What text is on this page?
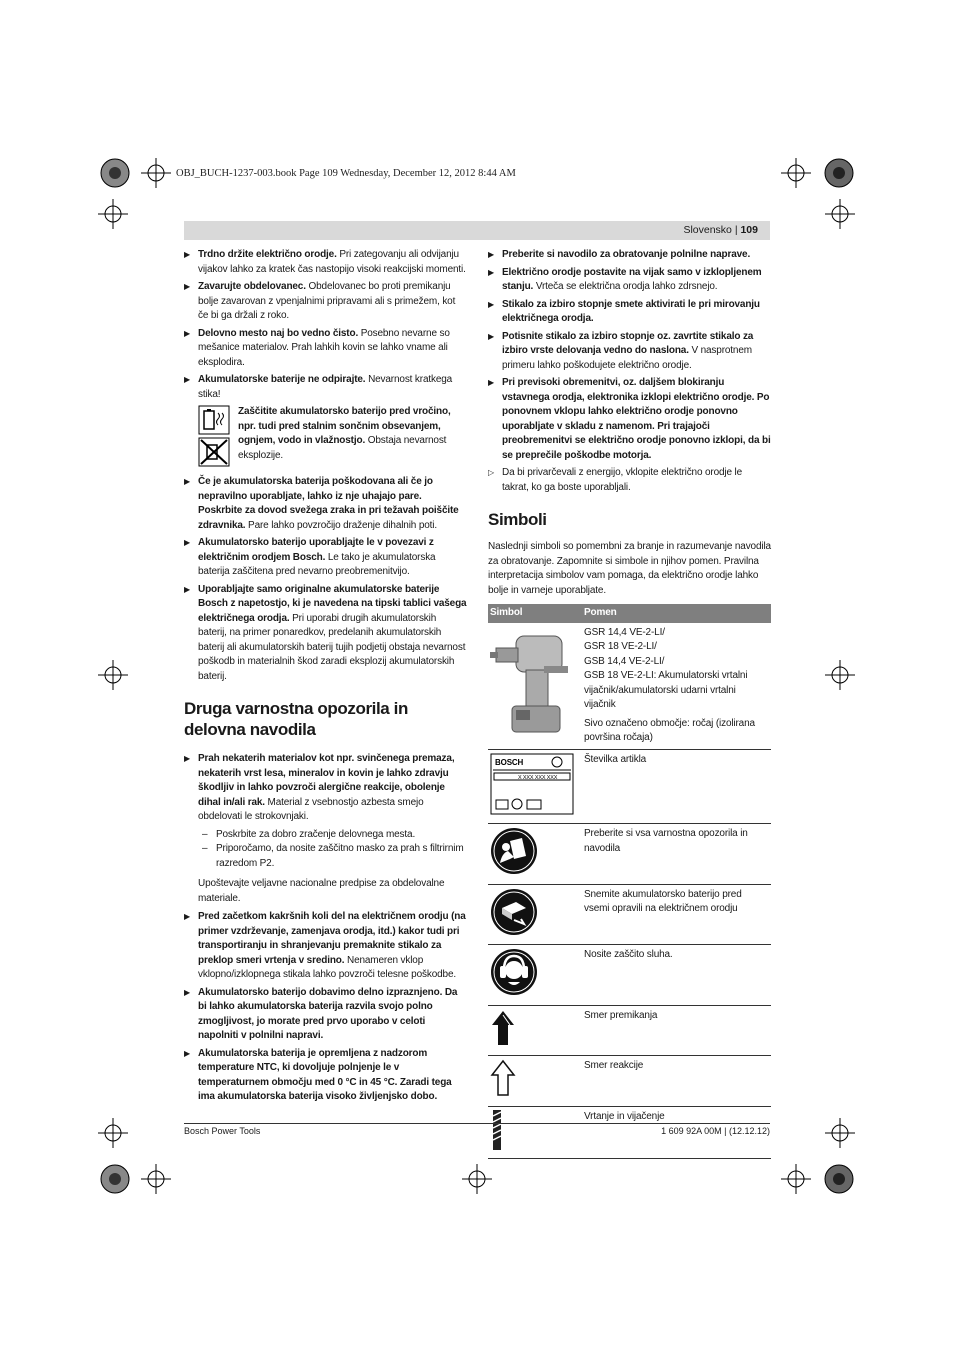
OBJ_BUCH-1237-003.book Page 109 Wednesday, December 12, 2012 8:44 AM
Slovensko | 109
▶ Trdno držite električno orodje. Pri zategovanju ali odvijanju vijakov lahko za kratek čas nastopijo visoki reakcijski momenti.
▶ Zavarujte obdelovanec. Obdelovanec bo proti premikanju bolje zavarovan z vpenjalnimi pripravami ali s primežem, kot če bi ga držali z roko.
▶ Delovno mesto naj bo vedno čisto. Posebno nevarne so mešanice materialov. Prah lahkih kovin se lahko vname ali eksplodira.
▶ Akumulatorske baterije ne odpirajte. Nevarnost kratkega stika!
Zaščitite akumulatorsko baterijo pred vročino, npr. tudi pred stalnim sončnim obsevanjem, ognjem, vodo in vlažnostjo. Obstaja nevarnost eksplozije.
▶ Če je akumulatorska baterija poškodovana ali če jo nepravilno uporabljate, lahko iz nje uhajajo pare. Poskrbite za dovod svežega zraka in pri težavah poiščite zdravnika. Pare lahko povzročijo draženje dihalnih poti.
▶ Akumulatorsko baterijo uporabljajte le v povezavi z električnim orodjem Bosch. Le tako je akumulatorska baterija zaščitena pred nevarno preobremenitvijo.
▶ Uporabljajte samo originalne akumulatorske baterije Bosch z napetostjo, ki je navedena na tipski tablici vašega električnega orodja. Pri uporabi drugih akumulatorskih baterij, na primer ponaredkov, predelanih akumulatorskih baterij ali akumulatorskih baterij tujih podjetij obstaja nevarnost poškodb in materialnih škod zaradi eksplozij akumulatorskih baterij.
Druga varnostna opozorila in delovna navodila
▶ Prah nekaterih materialov kot npr. svinčenega premaza, nekaterih vrst lesa, mineralov in kovin je lahko zdravju škodljiv in lahko povzroči alergične reakcije, obolenje dihal in/ali rak. Material z vsebnostjo azbesta smejo obdelovati le strokovnjaki.
– Poskrbite za dobro zračenje delovnega mesta.
– Priporočamo, da nosite zaščitno masko za prah s filtrirnim razredom P2.
Upoštevajte veljavne nacionalne predpise za obdelovalne materiale.
▶ Pred začetkom kakršnih koli del na električnem orodju (na primer vzdrževanje, zamenjava orodja, itd.) kakor tudi pri transportiranju in shranjevanju premaknite stikalo za preklop smeri vrtenja v sredino. Nenameren vklop vklopno/izklopnega stikala lahko povzroči telesne poškodbe.
▶ Akumulatorsko baterijo dobavimo delno izpraznjeno. Da bi lahko akumulatorska baterija razvila svojo polno zmogljivost, jo morate pred prvo uporabo v celoti napolniti v polnilni napravi.
▶ Akumulatorska baterija je opremljena z nadzorom temperature NTC, ki dovoljuje polnjenje le v temperaturnem območju med 0 °C in 45 °C. Zaradi tega ima akumulatorska baterija visoko življenjsko dobo.
▶ Preberite si navodilo za obratovanje polnilne naprave.
▶ Električno orodje postavite na vijak samo v izklopljenem stanju. Vrteča se električna orodja lahko zdrsnejo.
▶ Stikalo za izbiro stopnje smete aktivirati le pri mirovanju električnega orodja.
▶ Potisnite stikalo za izbiro stopnje oz. zavrtite stikalo za izbiro vrste delovanja vedno do naslona. V nasprotnem primeru lahko poškodujete električno orodje.
▶ Pri previsoki obremenitvi, oz. daljšem blokiranju vstavnega orodja, elektronika izklopi električno orodje. Po ponovnem vklopu lahko električno orodje ponovno uporabljate v skladu z namenom. Pri trajajoči preobremenitvi se električno orodje ponovno izklopi, da bi se preprečile poškodbe motorja.
▷ Da bi privarčevali z energijo, vklopite električno orodje le takrat, ko ga boste uporabljali.
Simboli
Naslednji simboli so pomembni za branje in razumevanje navodila za obratovanje. Zapomnite si simbole in njihov pomen. Pravilna interpretacija simbolov vam pomaga, da električno orodje lahko bolje in varneje uporabljate.
Simbol	Pomen

GSR 14,4 VE-2-LI/
GSR 18 VE-2-LI/
GSB 14,4 VE-2-LI/
GSB 18 VE-2-LI: Akumulatorski vrtalni vijačnik/akumulatorski udarni vrtalni vijačnik
Sivo označeno območje: ročaj (izolirana površina ročaja)

BOSCH
X XXX XXX XXX	Številka artikla

Preberite si vsa varnostna opozorila in navodila

Snemite akumulatorsko baterijo pred vsemi opravili na električnem orodju

Nosite zaščito sluha.

Smer premikanja

Smer reakcije

Vrtanje in vijačenje
Bosch Power Tools	1 609 92A 00M | (12.12.12)
